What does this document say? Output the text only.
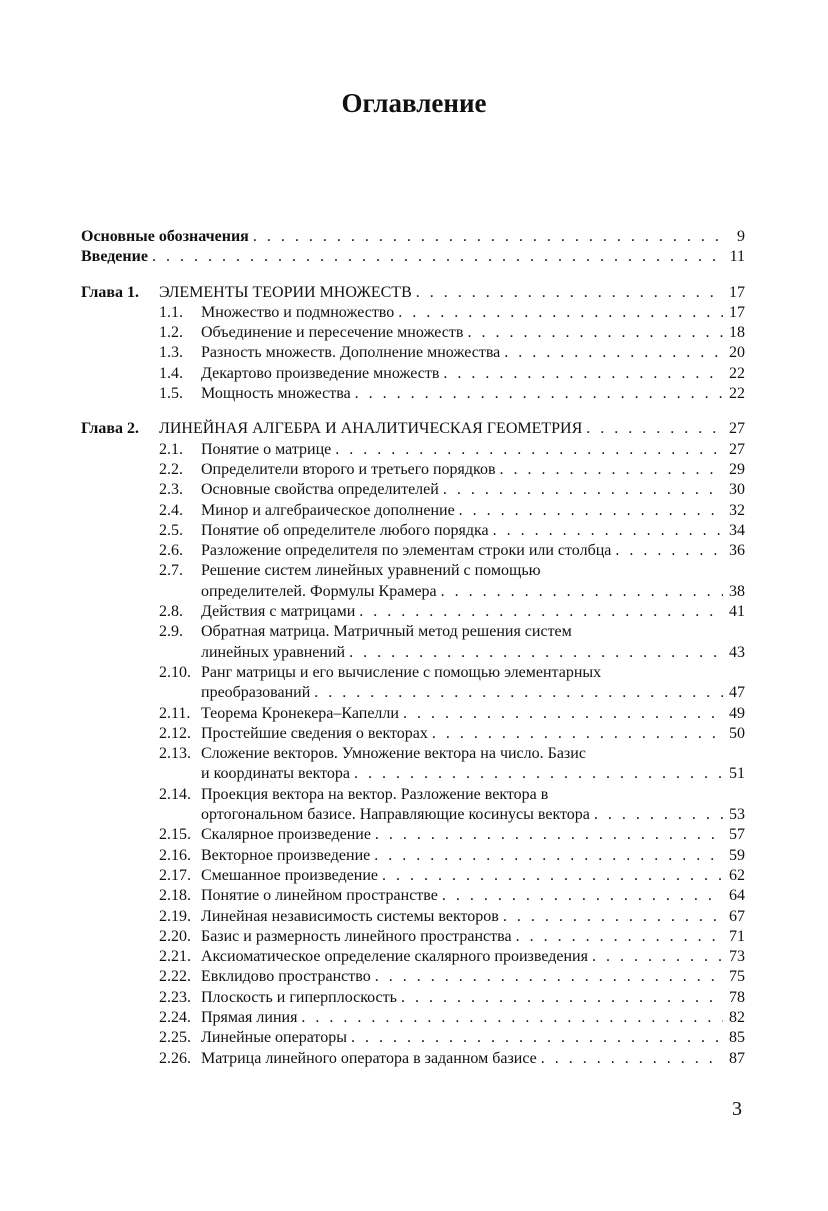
Оглавление
Основные обозначения . . .	9
Введение . . .	11
Глава 1.	ЭЛЕМЕНТЫ ТЕОРИИ МНОЖЕСТВ . . .	17
1.1.	Множество и подмножество . . .	17
1.2.	Объединение и пересечение множеств . . .	18
1.3.	Разность множеств. Дополнение множества . . .	20
1.4.	Декартово произведение множеств . . .	22
1.5.	Мощность множества . . .	22
Глава 2.	ЛИНЕЙНАЯ АЛГЕБРА И АНАЛИТИЧЕСКАЯ ГЕОМЕТРИЯ . . .	27
2.1.	Понятие о матрице . . .	27
2.2.	Определители второго и третьего порядков . . .	29
2.3.	Основные свойства определителей . . .	30
2.4.	Минор и алгебраическое дополнение . . .	32
2.5.	Понятие об определителе любого порядка . . .	34
2.6.	Разложение определителя по элементам строки или столбца . . .	36
2.7.	Решение систем линейных уравнений с помощью
определителей. Формулы Крамера . . .	38
2.8.	Действия с матрицами . . .	41
2.9.	Обратная матрица. Матричный метод решения систем
линейных уравнений . . .	43
2.10. Ранг матрицы и его вычисление с помощью элементарных
преобразований . . .	47
2.11. Теорема Кронекера–Капелли . . .	49
2.12. Простейшие сведения о векторах . . .	50
2.13. Сложение векторов. Умножение вектора на число. Базис
и координаты вектора . . .	51
2.14. Проекция вектора на вектор. Разложение вектора в
ортогональном базисе. Направляющие косинусы вектора . . .	53
2.15. Скалярное произведение . . .	57
2.16. Векторное произведение . . .	59
2.17. Смешанное произведение . . .	62
2.18. Понятие о линейном пространстве . . .	64
2.19. Линейная независимость системы векторов . . .	67
2.20. Базис и размерность линейного пространства . . .	71
2.21. Аксиоматическое определение скалярного произведения . . .	73
2.22. Евклидово пространство . . .	75
2.23. Плоскость и гиперплоскость . . .	78
2.24. Прямая линия . . .	82
2.25. Линейные операторы . . .	85
2.26. Матрица линейного оператора в заданном базисе . . .	87
3
